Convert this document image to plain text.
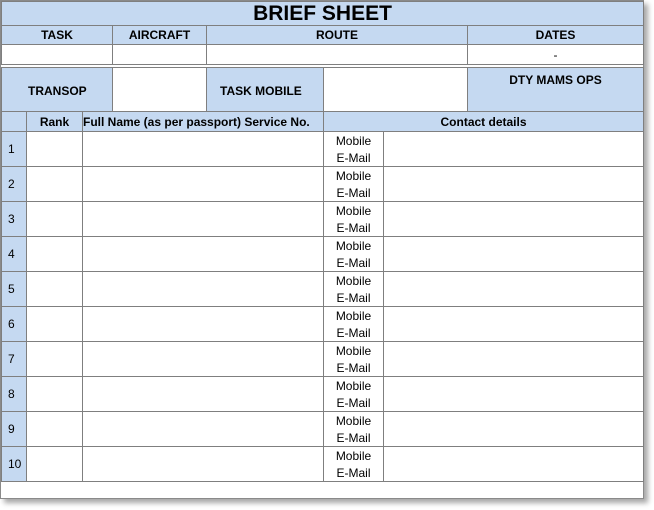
BRIEF SHEET			
TASK	AIRCRAFT	ROUTE	DATES
			-
TRANSOP		TASK MOBILE		DTY MAMS OPS
	Rank	Full Name (as per passport) Service No.	Contact details	
1			Mobile	
			E-Mail	
2			Mobile	
			E-Mail	
3			Mobile	
			E-Mail	
4			Mobile	
			E-Mail	
5			Mobile	
			E-Mail	
6			Mobile	
			E-Mail	
7			Mobile	
			E-Mail	
8			Mobile	
			E-Mail	
9			Mobile	
			E-Mail	
10			Mobile	
			E-Mail	
